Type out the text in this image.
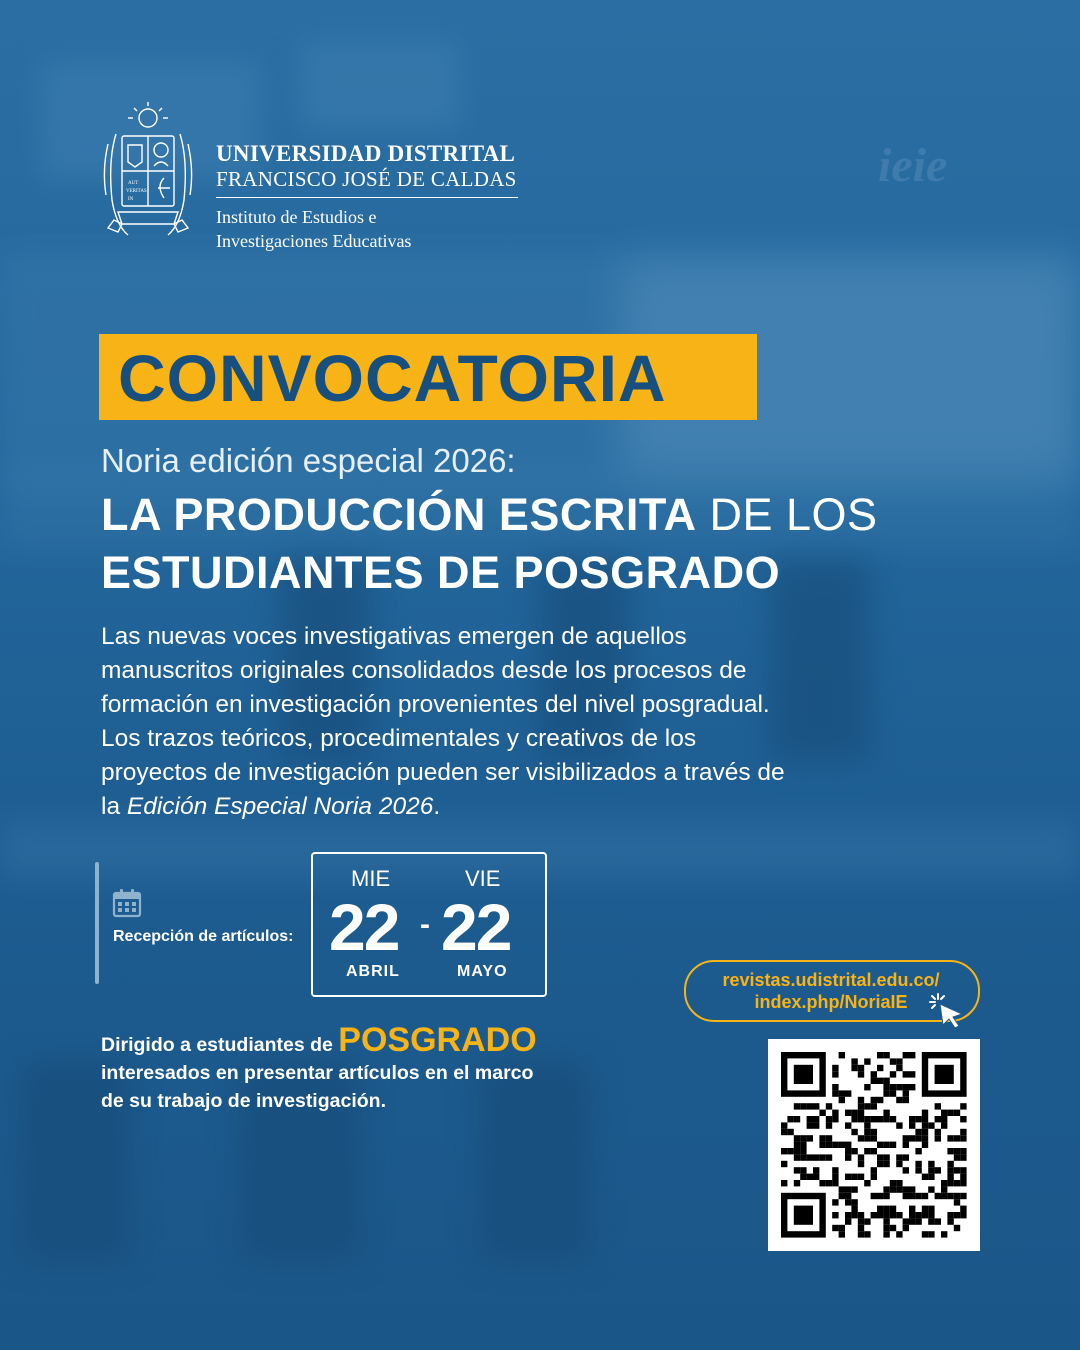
AUT
VERITAS
IN
UNIVERSIDAD DISTRITAL
FRANCISCO JOSÉ DE CALDAS
Instituto de Estudios e
Investigaciones Educativas
ieie
CONVOCATORIA
Noria edición especial 2026:
LA PRODUCCIÓN ESCRITA DE LOS
ESTUDIANTES DE POSGRADO
Las nuevas voces investigativas emergen de aquellos
manuscritos originales consolidados desde los procesos de
formación en investigación provenientes del nivel posgradual.
Los trazos teóricos, procedimentales y creativos de los
proyectos de investigación pueden ser visibilizados a través de
la Edición Especial Noria 2026.
Recepción de artículos:
MIE
22
ABRIL
-
VIE
22
MAYO	revistas.udistrital.edu.co/
index.php/NoriaIE
Dirigido a estudiantes de POSGRADO
interesados en presentar artículos en el marco
de su trabajo de investigación.
